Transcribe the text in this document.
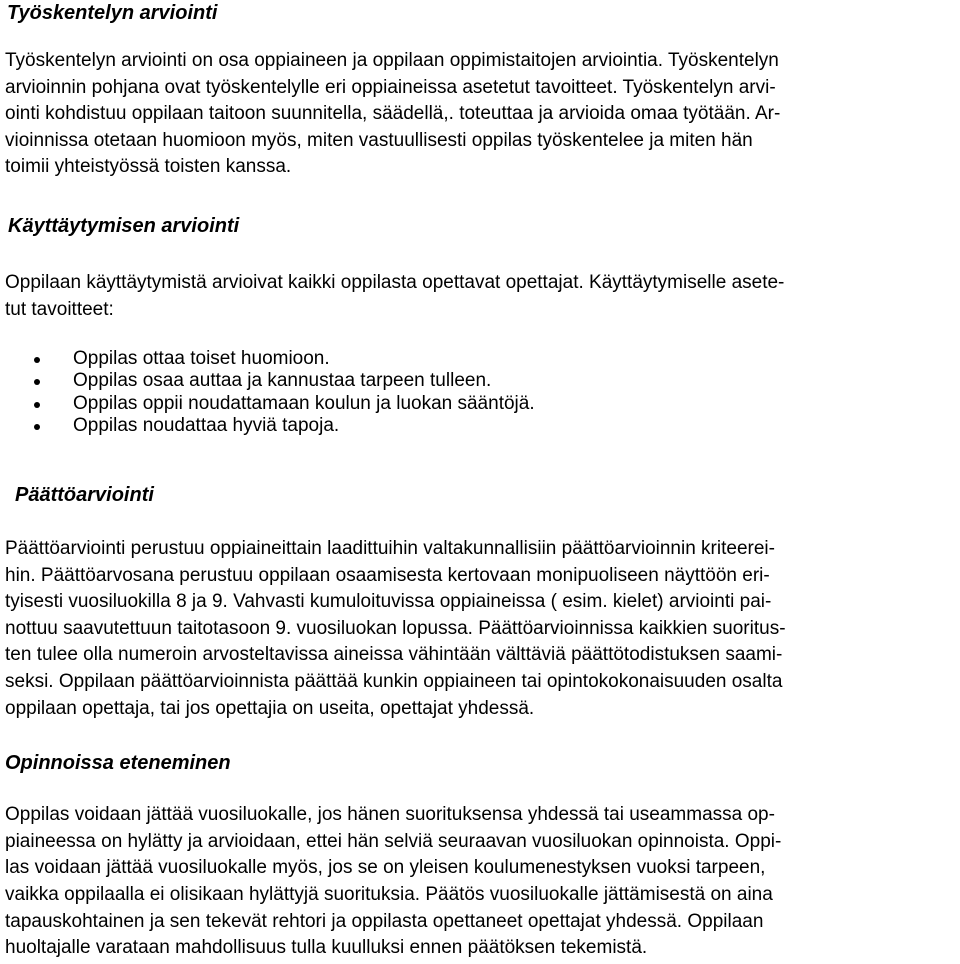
Työskentelyn arviointi
Työskentelyn arviointi on osa oppiaineen ja oppilaan oppimistaitojen arviointia. Työskentelyn
arvioinnin pohjana ovat työskentelylle eri oppiaineissa asetetut tavoitteet. Työskentelyn arvi-
ointi kohdistuu oppilaan taitoon suunnitella, säädellä,. toteuttaa ja arvioida omaa työtään. Ar-
vioinnissa otetaan huomioon myös, miten vastuullisesti oppilas työskentelee ja miten hän
toimii yhteistyössä toisten kanssa.
Käyttäytymisen arviointi
Oppilaan käyttäytymistä arvioivat kaikki oppilasta opettavat opettajat. Käyttäytymiselle asete-
tut tavoitteet:
Oppilas ottaa toiset huomioon.
Oppilas osaa auttaa ja kannustaa tarpeen tulleen.
Oppilas oppii noudattamaan koulun ja luokan sääntöjä.
Oppilas noudattaa hyviä tapoja.
Päättöarviointi
Päättöarviointi perustuu oppiaineittain laadittuihin valtakunnallisiin päättöarvioinnin kriteerei-
hin. Päättöarvosana perustuu oppilaan osaamisesta kertovaan monipuoliseen näyttöön eri-
tyisesti vuosiluokilla 8 ja 9. Vahvasti kumuloituvissa oppiaineissa ( esim. kielet) arviointi pai-
nottuu saavutettuun taitotasoon 9. vuosiluokan lopussa. Päättöarvioinnissa kaikkien suoritus-
ten tulee olla numeroin arvosteltavissa aineissa vähintään välttäviä päättötodistuksen saami-
seksi. Oppilaan päättöarvioinnista päättää kunkin oppiaineen tai opintokokonaisuuden osalta
oppilaan opettaja, tai jos opettajia on useita, opettajat yhdessä.
Opinnoissa eteneminen
Oppilas voidaan jättää vuosiluokalle, jos hänen suorituksensa yhdessä tai useammassa op-
piaineessa on hylätty ja arvioidaan, ettei hän selviä seuraavan vuosiluokan opinnoista. Oppi-
las voidaan jättää vuosiluokalle myös, jos se on yleisen koulumenestyksen vuoksi tarpeen,
vaikka oppilaalla ei olisikaan hylättyjä suorituksia. Päätös vuosiluokalle jättämisestä on aina
tapauskohtainen ja sen tekevät rehtori ja oppilasta opettaneet opettajat yhdessä. Oppilaan
huoltajalle varataan mahdollisuus tulla kuulluksi ennen päätöksen tekemistä.
